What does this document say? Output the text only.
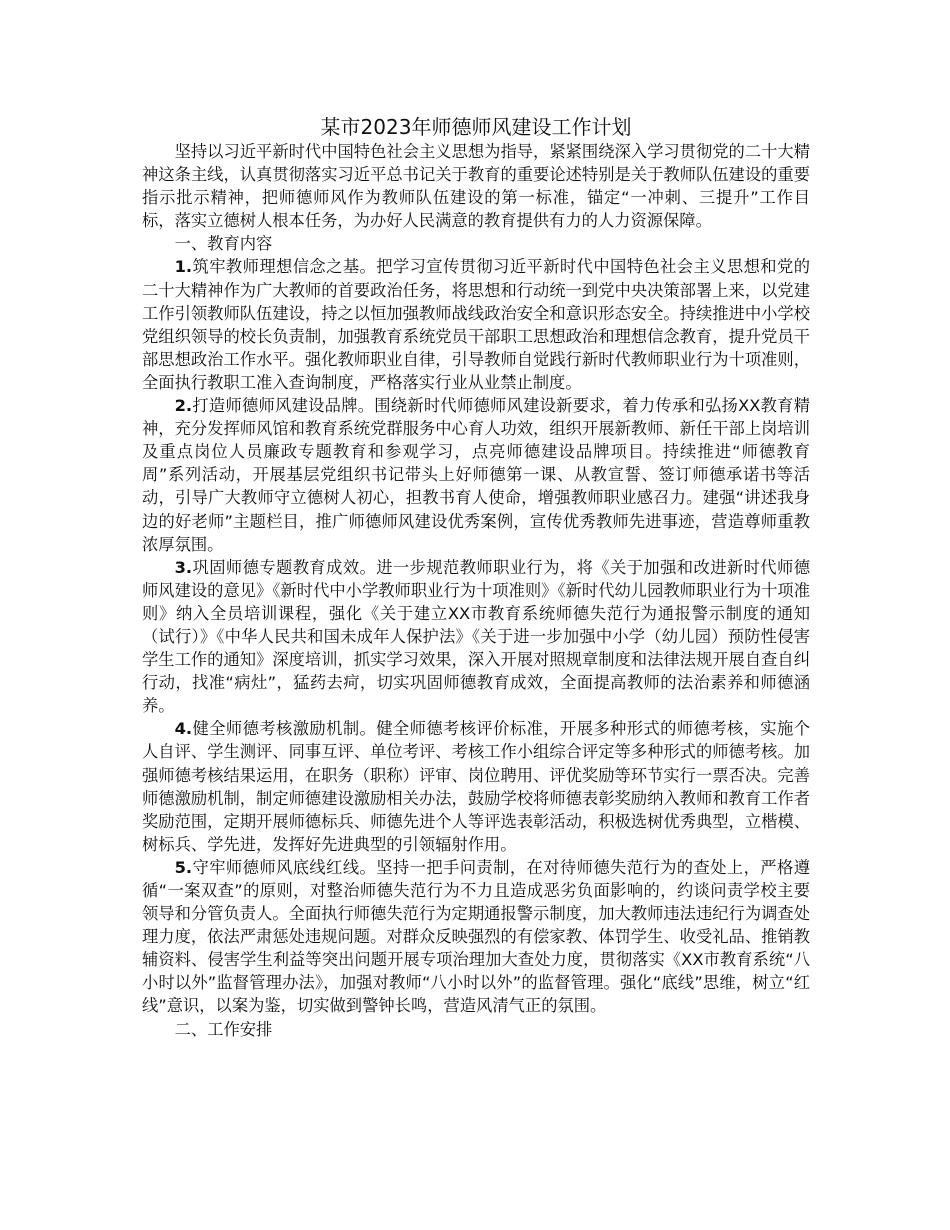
某市2023年师德师风建设工作计划

坚持以习近平新时代中国特色社会主义思想为指导，紧紧围绕深入学习贯彻党的二十大精神这条主线，认真贯彻落实习近平总书记关于教育的重要论述特别是关于教师队伍建设的重要指示批示精神，把师德师风作为教师队伍建设的第一标准，锚定“一冲刺、三提升”工作目标，落实立德树人根本任务，为办好人民满意的教育提供有力的人力资源保障。

一、教育内容

1.筑牢教师理想信念之基。把学习宣传贯彻习近平新时代中国特色社会主义思想和党的二十大精神作为广大教师的首要政治任务，将思想和行动统一到党中央决策部署上来，以党建工作引领教师队伍建设，持之以恒加强教师战线政治安全和意识形态安全。持续推进中小学校党组织领导的校长负责制，加强教育系统党员干部职工思想政治和理想信念教育，提升党员干部思想政治工作水平。强化教师职业自律，引导教师自觉践行新时代教师职业行为十项准则，全面执行教职工准入查询制度，严格落实行业从业禁止制度。

2.打造师德师风建设品牌。围绕新时代师德师风建设新要求，着力传承和弘扬XX教育精神，充分发挥师风馆和教育系统党群服务中心育人功效，组织开展新教师、新任干部上岗培训及重点岗位人员廉政专题教育和参观学习，点亮师德建设品牌项目。持续推进“师德教育周”系列活动，开展基层党组织书记带头上好师德第一课、从教宣誓、签订师德承诺书等活动，引导广大教师守立德树人初心，担教书育人使命，增强教师职业感召力。建强“讲述我身边的好老师”主题栏目，推广师德师风建设优秀案例，宣传优秀教师先进事迹，营造尊师重教浓厚氛围。

3.巩固师德专题教育成效。进一步规范教师职业行为，将《关于加强和改进新时代师德师风建设的意见》《新时代中小学教师职业行为十项准则》《新时代幼儿园教师职业行为十项准则》纳入全员培训课程，强化《关于建立XX市教育系统师德失范行为通报警示制度的通知（试行）》《中华人民共和国未成年人保护法》《关于进一步加强中小学（幼儿园）预防性侵害学生工作的通知》深度培训，抓实学习效果，深入开展对照规章制度和法律法规开展自查自纠行动，找准“病灶”，猛药去疴，切实巩固师德教育成效，全面提高教师的法治素养和师德涵养。

4.健全师德考核激励机制。健全师德考核评价标准，开展多种形式的师德考核，实施个人自评、学生测评、同事互评、单位考评、考核工作小组综合评定等多种形式的师德考核。加强师德考核结果运用，在职务（职称）评审、岗位聘用、评优奖励等环节实行一票否决。完善师德激励机制，制定师德建设激励相关办法，鼓励学校将师德表彰奖励纳入教师和教育工作者奖励范围，定期开展师德标兵、师德先进个人等评选表彰活动，积极选树优秀典型，立楷模、树标兵、学先进，发挥好先进典型的引领辐射作用。

5.守牢师德师风底线红线。坚持一把手问责制，在对待师德失范行为的查处上，严格遵循“一案双查”的原则，对整治师德失范行为不力且造成恶劣负面影响的，约谈问责学校主要领导和分管负责人。全面执行师德失范行为定期通报警示制度，加大教师违法违纪行为调查处理力度，依法严肃惩处违规问题。对群众反映强烈的有偿家教、体罚学生、收受礼品、推销教辅资料、侵害学生利益等突出问题开展专项治理加大查处力度，贯彻落实《XX市教育系统“八小时以外”监督管理办法》，加强对教师“八小时以外”的监督管理。强化“底线”思维，树立“红线”意识，以案为鉴，切实做到警钟长鸣，营造风清气正的氛围。

二、工作安排
